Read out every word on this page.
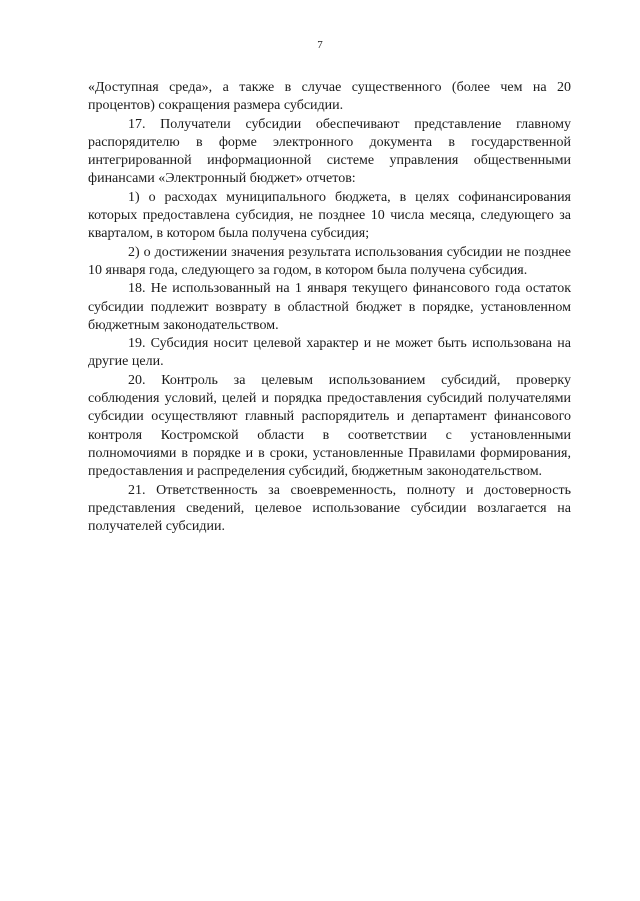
7

«Доступная среда», а также в случае существенного (более чем на 20 процентов) сокращения размера субсидии.

17. Получатели субсидии обеспечивают представление главному распорядителю в форме электронного документа в государственной интегрированной информационной системе управления общественными финансами «Электронный бюджет» отчетов:

1) о расходах муниципального бюджета, в целях софинансирования которых предоставлена субсидия, не позднее 10 числа месяца, следующего за кварталом, в котором была получена субсидия;

2) о достижении значения результата использования субсидии не позднее 10 января года, следующего за годом, в котором была получена субсидия.

18. Не использованный на 1 января текущего финансового года остаток субсидии подлежит возврату в областной бюджет в порядке, установленном бюджетным законодательством.

19. Субсидия носит целевой характер и не может быть использована на другие цели.

20. Контроль за целевым использованием субсидий, проверку соблюдения условий, целей и порядка предоставления субсидий получателями субсидии осуществляют главный распорядитель и департамент финансового контроля Костромской области в соответствии с установленными полномочиями в порядке и в сроки, установленные Правилами формирования, предоставления и распределения субсидий, бюджетным законодательством.

21. Ответственность за своевременность, полноту и достоверность представления сведений, целевое использование субсидии возлагается на получателей субсидии.
